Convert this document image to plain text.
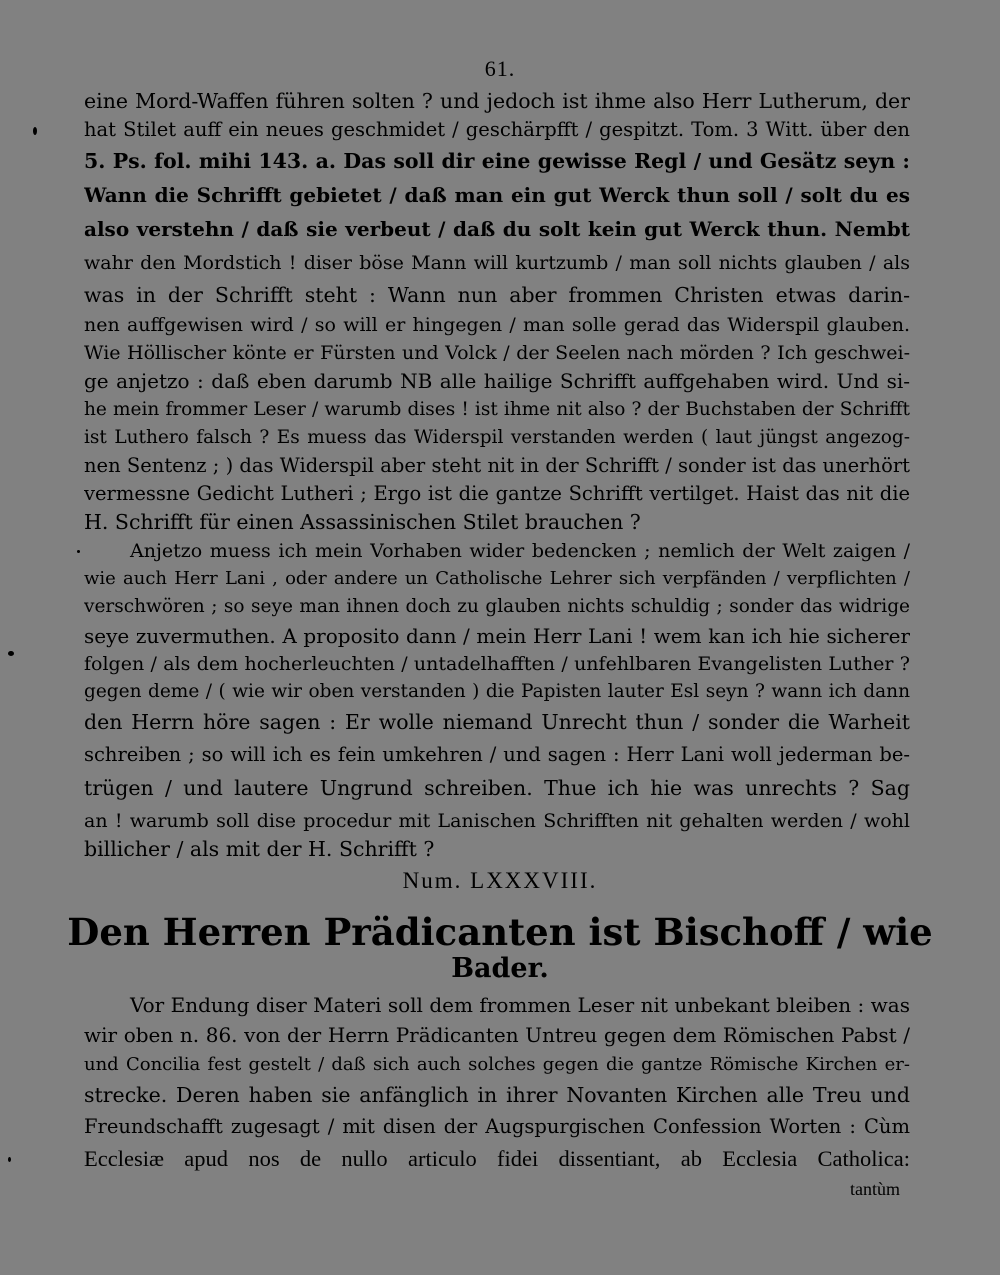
61.
eine Mord-Waffen führen solten ? und jedoch ist ihme also Herr Lutherum, der
hat Stilet auff ein neues geschmidet / geschärpfft / gespitzt. Tom. 3 Witt. über den
5. Ps. fol. mihi 143. a. Das soll dir eine gewisse Regl / und Gesätz seyn :
Wann die Schrifft gebietet / daß man ein gut Werck thun soll / solt du es
also verstehn / daß sie verbeut / daß du solt kein gut Werck thun. Nembt
wahr den Mordstich ! diser böse Mann will kurtzumb / man soll nichts glauben / als
was in der Schrifft steht : Wann nun aber frommen Christen etwas darin-
nen auffgewisen wird / so will er hingegen / man solle gerad das Widerspil glauben.
Wie Höllischer könte er Fürsten und Volck / der Seelen nach mörden ? Ich geschwei-
ge anjetzo : daß eben darumb NB alle hailige Schrifft auffgehaben wird. Und si-
he mein frommer Leser / warumb dises ! ist ihme nit also ? der Buchstaben der Schrifft
ist Luthero falsch ? Es muess das Widerspil verstanden werden ( laut jüngst angezog-
nen Sentenz ; ) das Widerspil aber steht nit in der Schrifft / sonder ist das unerhört
vermessne Gedicht Lutheri ; Ergo ist die gantze Schrifft vertilget. Haist das nit die
H. Schrifft für einen Assassinischen Stilet brauchen ?
Anjetzo muess ich mein Vorhaben wider bedencken ; nemlich der Welt zaigen /
wie auch Herr Lani , oder andere un Catholische Lehrer sich verpfänden / verpflichten /
verschwören ; so seye man ihnen doch zu glauben nichts schuldig ; sonder das widrige
seye zuvermuthen. A proposito dann / mein Herr Lani ! wem kan ich hie sicherer
folgen / als dem hocherleuchten / untadelhafften / unfehlbaren Evangelisten Luther ?
gegen deme / ( wie wir oben verstanden ) die Papisten lauter Esl seyn ? wann ich dann
den Herrn höre sagen : Er wolle niemand Unrecht thun / sonder die Warheit
schreiben ; so will ich es fein umkehren / und sagen : Herr Lani woll jederman be-
trügen / und lautere Ungrund schreiben. Thue ich hie was unrechts ? Sag
an ! warumb soll dise procedur mit Lanischen Schrifften nit gehalten werden / wohl
billicher / als mit der H. Schrifft ?
Num. LXXXVIII.
Den Herren Prädicanten ist Bischoff / wie
Bader.
Vor Endung diser Materi soll dem frommen Leser nit unbekant bleiben : was
wir oben n. 86. von der Herrn Prädicanten Untreu gegen dem Römischen Pabst /
und Concilia fest gestelt / daß sich auch solches gegen die gantze Römische Kirchen er-
strecke. Deren haben sie anfänglich in ihrer Novanten Kirchen alle Treu und
Freundschafft zugesagt / mit disen der Augspurgischen Confession Worten : Cùm
Ecclesiæ apud nos de nullo articulo fidei dissentiant, ab Ecclesia Catholica:
tantùm
